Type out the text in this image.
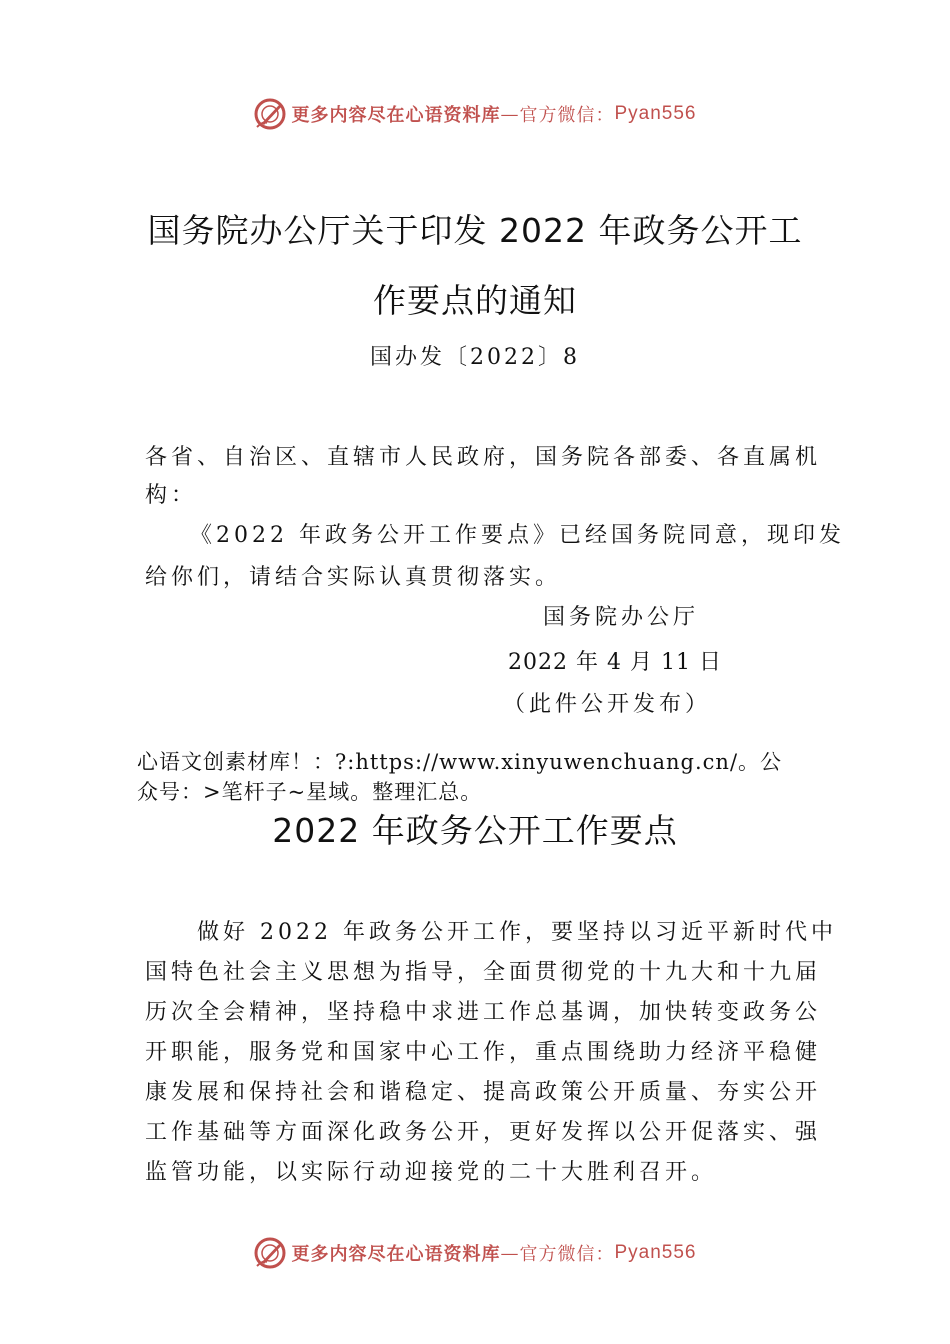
更多内容尽在心语资料库 — 官方微信： Pyan556
国务院办公厅关于印发 2022 年政务公开工
作要点的通知
国办发〔2022〕8
各省、自治区、直辖市人民政府，国务院各部委、各直属机
构：
《2022 年政务公开工作要点》已经国务院同意，现印发
给你们，请结合实际认真贯彻落实。
国务院办公厅
2022 年 4 月 11 日
（此件公开发布）
心语文创素材库！：?:https://www.xinyuwenchuang.cn/。公
众号：>笔杆子~星域。整理汇总。
2022 年政务公开工作要点
做好 2022 年政务公开工作，要坚持以习近平新时代中
国特色社会主义思想为指导，全面贯彻党的十九大和十九届
历次全会精神，坚持稳中求进工作总基调，加快转变政务公
开职能，服务党和国家中心工作，重点围绕助力经济平稳健
康发展和保持社会和谐稳定、提高政策公开质量、夯实公开
工作基础等方面深化政务公开，更好发挥以公开促落实、强
监管功能，以实际行动迎接党的二十大胜利召开。
更多内容尽在心语资料库 — 官方微信： Pyan556
